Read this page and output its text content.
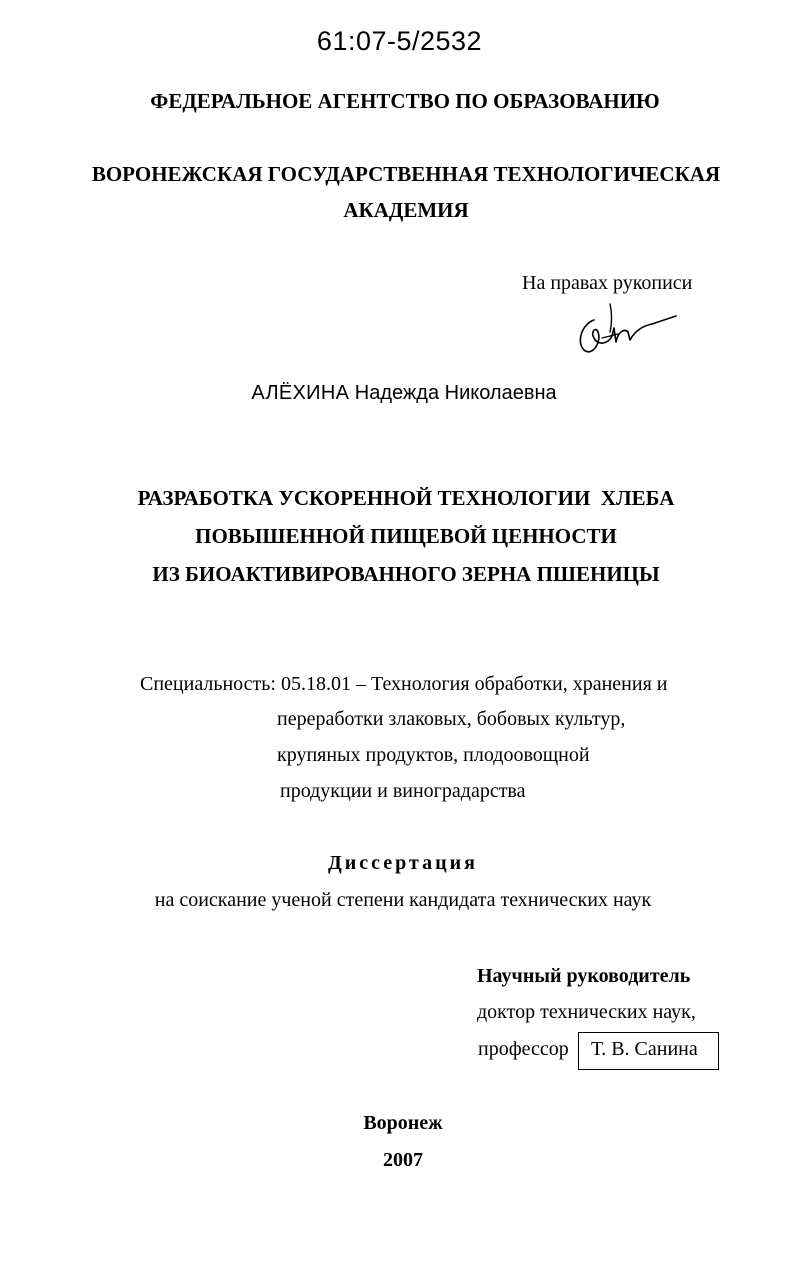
61:07-5/2532
ФЕДЕРАЛЬНОЕ АГЕНТСТВО ПО ОБРАЗОВАНИЮ
ВОРОНЕЖСКАЯ ГОСУДАРСТВЕННАЯ ТЕХНОЛОГИЧЕСКАЯ
АКАДЕМИЯ
На правах рукописи
АЛЁХИНА Надежда Николаевна
РАЗРАБОТКА УСКОРЕННОЙ ТЕХНОЛОГИИ  ХЛЕБА
ПОВЫШЕННОЙ ПИЩЕВОЙ ЦЕННОСТИ
ИЗ БИОАКТИВИРОВАННОГО ЗЕРНА ПШЕНИЦЫ
Специальность: 05.18.01 – Технология обработки, хранения и
переработки злаковых, бобовых культур,
крупяных продуктов, плодоовощной
продукции и виноградарства
Диссертация
на соискание ученой степени кандидата технических наук
Научный руководитель
доктор технических наук,
профессор Т. В. Санина
Воронеж
2007
